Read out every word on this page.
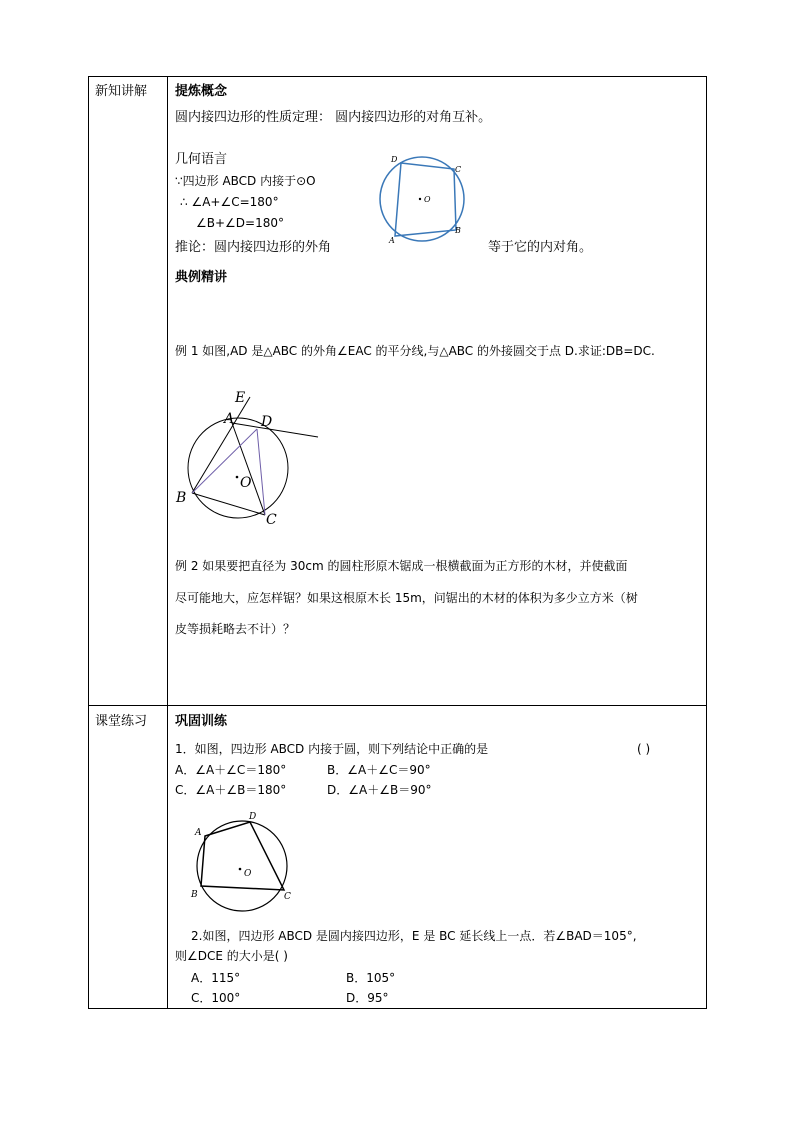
新知讲解 提炼概念
圆内接四边形的性质定理： 圆内接四边形的对角互补。
几何语言
∵四边形 ABCD 内接于⊙O
∴ ∠A+∠C=180°
∠B+∠D=180°
推论：圆内接四边形的外角	等于它的内对角。
D
C
O
A
B
典例精讲
例 1 如图,AD 是△ABC 的外角∠EAC 的平分线,与△ABC 的外接圆交于点 D.求证:DB=DC.
E
A D
O
B
C
例 2 如果要把直径为 30cm 的圆柱形原木锯成一根横截面为正方形的木材，并使截面
尽可能地大，应怎样锯？如果这根原木长 15m，问锯出的木材的体积为多少立方米（树
皮等损耗略去不计）？
课堂练习 巩固训练
1．如图，四边形 ABCD 内接于圆，则下列结论中正确的是	( )
A．∠A＋∠C＝180°	B．∠A＋∠C＝90°
C．∠A＋∠B＝180°	D．∠A＋∠B＝90°
A
D
O
B	C
2.如图，四边形 ABCD 是圆内接四边形，E 是 BC 延长线上一点．若∠BAD＝105°,
则∠DCE 的大小是( )
A．115°	B．105°
C．100°	D．95°
